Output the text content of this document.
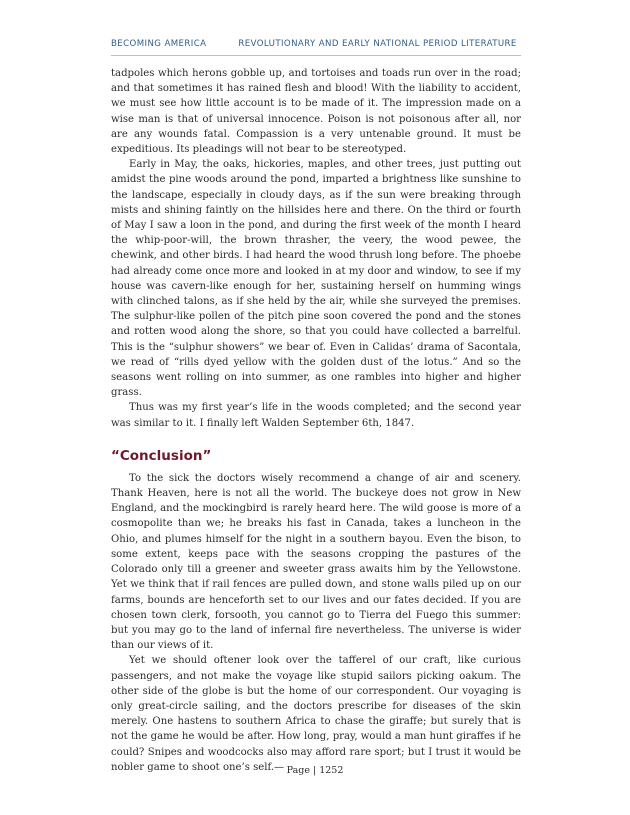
BECOMING AMERICA	REVOLUTIONARY AND EARLY NATIONAL PERIOD LITERATURE

tadpoles which herons gobble up, and tortoises and toads run over in the road; and that sometimes it has rained flesh and blood! With the liability to accident, we must see how little account is to be made of it. The impression made on a wise man is that of universal innocence. Poison is not poisonous after all, nor are any wounds fatal. Compassion is a very untenable ground. It must be expeditious. Its pleadings will not bear to be stereotyped.

Early in May, the oaks, hickories, maples, and other trees, just putting out amidst the pine woods around the pond, imparted a brightness like sunshine to the landscape, especially in cloudy days, as if the sun were breaking through mists and shining faintly on the hillsides here and there. On the third or fourth of May I saw a loon in the pond, and during the first week of the month I heard the whip-poor-will, the brown thrasher, the veery, the wood pewee, the chewink, and other birds. I had heard the wood thrush long before. The phoebe had already come once more and looked in at my door and window, to see if my house was cavern-like enough for her, sustaining herself on humming wings with clinched talons, as if she held by the air, while she surveyed the premises. The sulphur-like pollen of the pitch pine soon covered the pond and the stones and rotten wood along the shore, so that you could have collected a barrelful. This is the “sulphur showers” we bear of. Even in Calidas’ drama of Sacontala, we read of “rills dyed yellow with the golden dust of the lotus.” And so the seasons went rolling on into summer, as one rambles into higher and higher grass.

Thus was my first year’s life in the woods completed; and the second year was similar to it. I finally left Walden September 6th, 1847.

“Conclusion”

To the sick the doctors wisely recommend a change of air and scenery. Thank Heaven, here is not all the world. The buckeye does not grow in New England, and the mockingbird is rarely heard here. The wild goose is more of a cosmopolite than we; he breaks his fast in Canada, takes a luncheon in the Ohio, and plumes himself for the night in a southern bayou. Even the bison, to some extent, keeps pace with the seasons cropping the pastures of the Colorado only till a greener and sweeter grass awaits him by the Yellowstone. Yet we think that if rail fences are pulled down, and stone walls piled up on our farms, bounds are henceforth set to our lives and our fates decided. If you are chosen town clerk, forsooth, you cannot go to Tierra del Fuego this summer: but you may go to the land of infernal fire nevertheless. The universe is wider than our views of it.

Yet we should oftener look over the tafferel of our craft, like curious passengers, and not make the voyage like stupid sailors picking oakum. The other side of the globe is but the home of our correspondent. Our voyaging is only great-circle sailing, and the doctors prescribe for diseases of the skin merely. One hastens to southern Africa to chase the giraffe; but surely that is not the game he would be after. How long, pray, would a man hunt giraffes if he could? Snipes and woodcocks also may afford rare sport; but I trust it would be nobler game to shoot one’s self.— Page | 1252
